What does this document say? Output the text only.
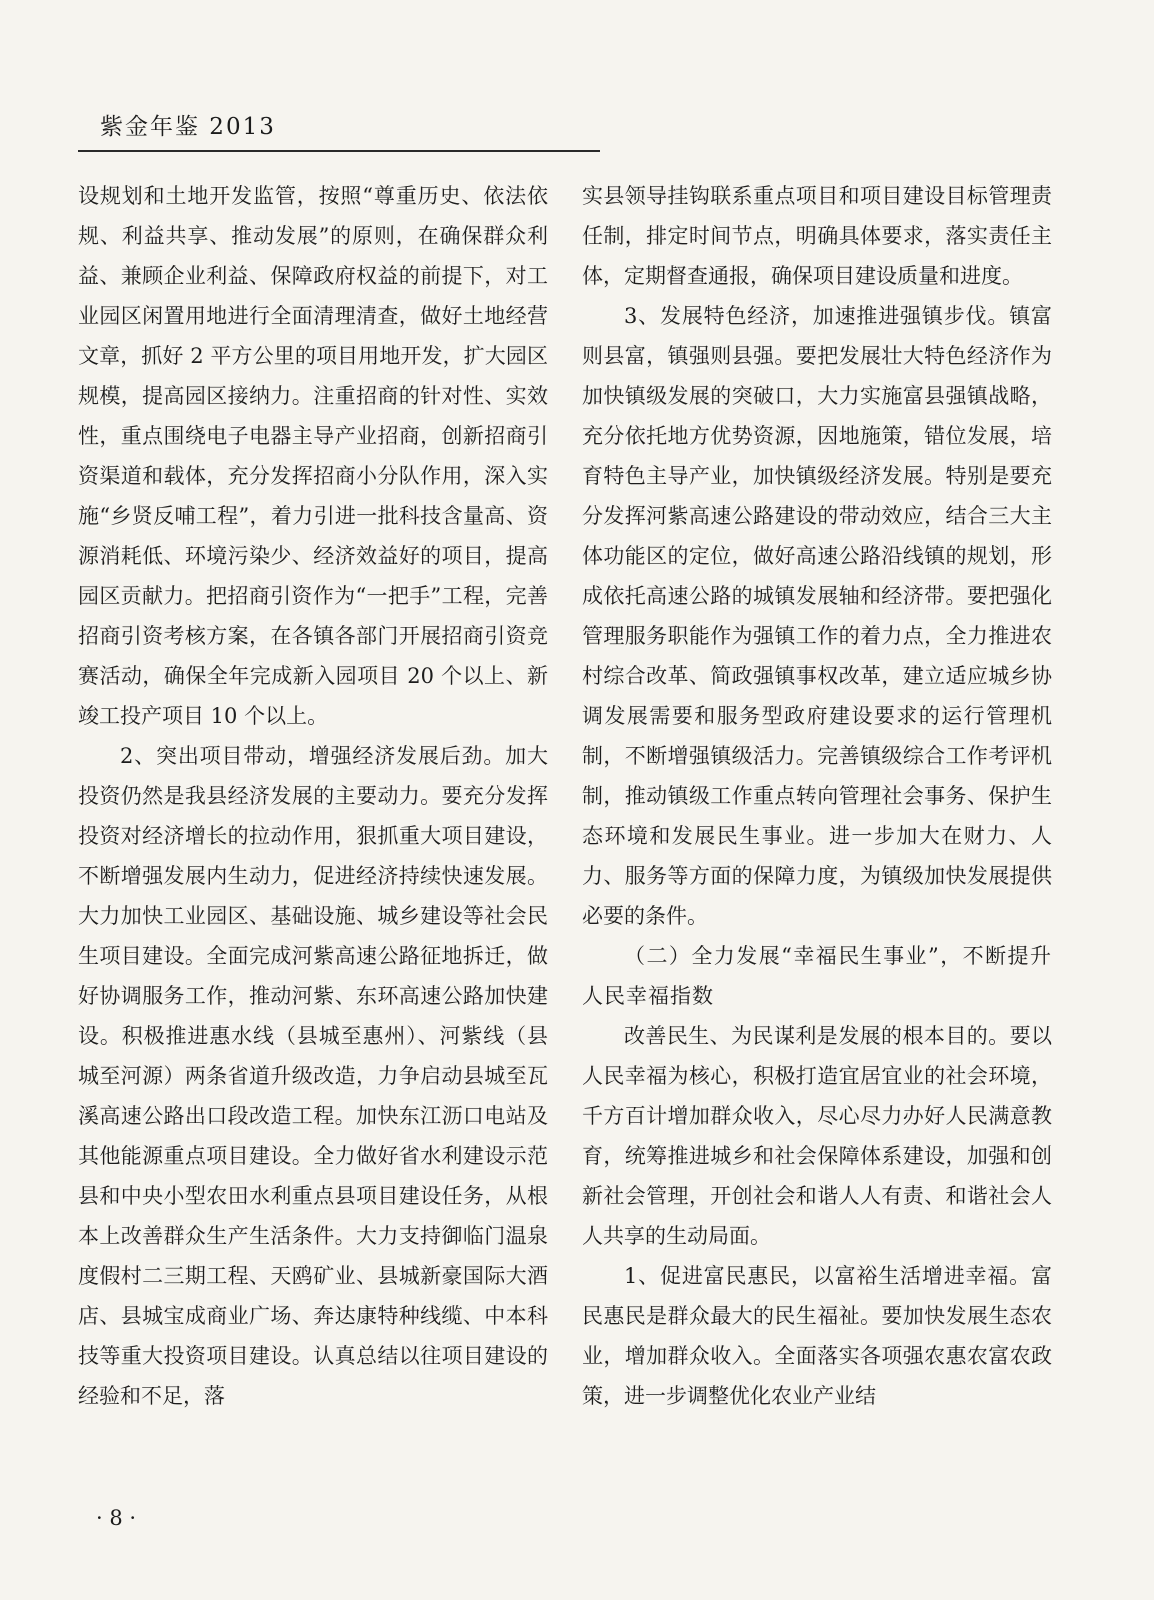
紫金年鉴 2013

设规划和土地开发监管，按照“尊重历史、依法依规、利益共享、推动发展”的原则，在确保群众利益、兼顾企业利益、保障政府权益的前提下，对工业园区闲置用地进行全面清理清查，做好土地经营文章，抓好 2 平方公里的项目用地开发，扩大园区规模，提高园区接纳力。注重招商的针对性、实效性，重点围绕电子电器主导产业招商，创新招商引资渠道和载体，充分发挥招商小分队作用，深入实施“乡贤反哺工程”，着力引进一批科技含量高、资源消耗低、环境污染少、经济效益好的项目，提高园区贡献力。把招商引资作为“一把手”工程，完善招商引资考核方案，在各镇各部门开展招商引资竞赛活动，确保全年完成新入园项目 20 个以上、新竣工投产项目 10 个以上。

2、突出项目带动，增强经济发展后劲。加大投资仍然是我县经济发展的主要动力。要充分发挥投资对经济增长的拉动作用，狠抓重大项目建设，不断增强发展内生动力，促进经济持续快速发展。大力加快工业园区、基础设施、城乡建设等社会民生项目建设。全面完成河紫高速公路征地拆迁，做好协调服务工作，推动河紫、东环高速公路加快建设。积极推进惠水线（县城至惠州）、河紫线（县城至河源）两条省道升级改造，力争启动县城至瓦溪高速公路出口段改造工程。加快东江沥口电站及其他能源重点项目建设。全力做好省水利建设示范县和中央小型农田水利重点县项目建设任务，从根本上改善群众生产生活条件。大力支持御临门温泉度假村二三期工程、天鸥矿业、县城新豪国际大酒店、县城宝成商业广场、奔达康特种线缆、中本科技等重大投资项目建设。认真总结以往项目建设的经验和不足，落

实县领导挂钩联系重点项目和项目建设目标管理责任制，排定时间节点，明确具体要求，落实责任主体，定期督查通报，确保项目建设质量和进度。

3、发展特色经济，加速推进强镇步伐。镇富则县富，镇强则县强。要把发展壮大特色经济作为加快镇级发展的突破口，大力实施富县强镇战略，充分依托地方优势资源，因地施策，错位发展，培育特色主导产业，加快镇级经济发展。特别是要充分发挥河紫高速公路建设的带动效应，结合三大主体功能区的定位，做好高速公路沿线镇的规划，形成依托高速公路的城镇发展轴和经济带。要把强化管理服务职能作为强镇工作的着力点，全力推进农村综合改革、简政强镇事权改革，建立适应城乡协调发展需要和服务型政府建设要求的运行管理机制，不断增强镇级活力。完善镇级综合工作考评机制，推动镇级工作重点转向管理社会事务、保护生态环境和发展民生事业。进一步加大在财力、人力、服务等方面的保障力度，为镇级加快发展提供必要的条件。

（二）全力发展“幸福民生事业”，不断提升人民幸福指数

改善民生、为民谋利是发展的根本目的。要以人民幸福为核心，积极打造宜居宜业的社会环境，千方百计增加群众收入，尽心尽力办好人民满意教育，统筹推进城乡和社会保障体系建设，加强和创新社会管理，开创社会和谐人人有责、和谐社会人人共享的生动局面。

1、促进富民惠民，以富裕生活增进幸福。富民惠民是群众最大的民生福祉。要加快发展生态农业，增加群众收入。全面落实各项强农惠农富农政策，进一步调整优化农业产业结

· 8 ·
